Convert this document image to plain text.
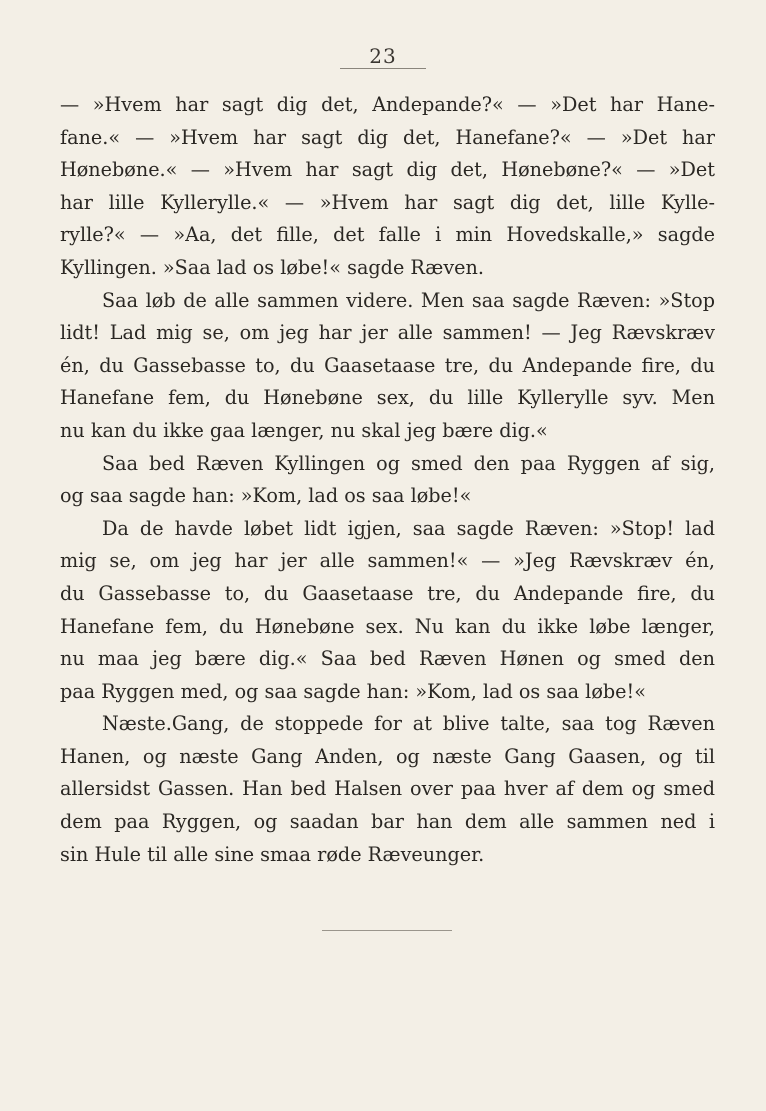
23
— »Hvem har sagt dig det, Andepande?« — »Det har Hane-
fane.« — »Hvem har sagt dig det, Hanefane?« — »Det har
Hønebøne.« — »Hvem har sagt dig det, Hønebøne?« — »Det
har lille Kyllerylle.« — »Hvem har sagt dig det, lille Kylle-
rylle?« — »Aa, det fille, det falle i min Hovedskalle,» sagde
Kyllingen. »Saa lad os løbe!« sagde Ræven.
Saa løb de alle sammen videre. Men saa sagde Ræven: »Stop
lidt! Lad mig se, om jeg har jer alle sammen! — Jeg Rævskræv
én, du Gassebasse to, du Gaasetaase tre, du Andepande fire, du
Hanefane fem, du Hønebøne sex, du lille Kyllerylle syv. Men
nu kan du ikke gaa længer, nu skal jeg bære dig.«
Saa bed Ræven Kyllingen og smed den paa Ryggen af sig,
og saa sagde han: »Kom, lad os saa løbe!«
Da de havde løbet lidt igjen, saa sagde Ræven: »Stop! lad
mig se, om jeg har jer alle sammen!« — »Jeg Rævskræv én,
du Gassebasse to, du Gaasetaase tre, du Andepande fire, du
Hanefane fem, du Hønebøne sex. Nu kan du ikke løbe længer,
nu maa jeg bære dig.« Saa bed Ræven Hønen og smed den
paa Ryggen med, og saa sagde han: »Kom, lad os saa løbe!«
Næste.Gang, de stoppede for at blive talte, saa tog Ræven
Hanen, og næste Gang Anden, og næste Gang Gaasen, og til
allersidst Gassen. Han bed Halsen over paa hver af dem og smed
dem paa Ryggen, og saadan bar han dem alle sammen ned i
sin Hule til alle sine smaa røde Ræveunger.
